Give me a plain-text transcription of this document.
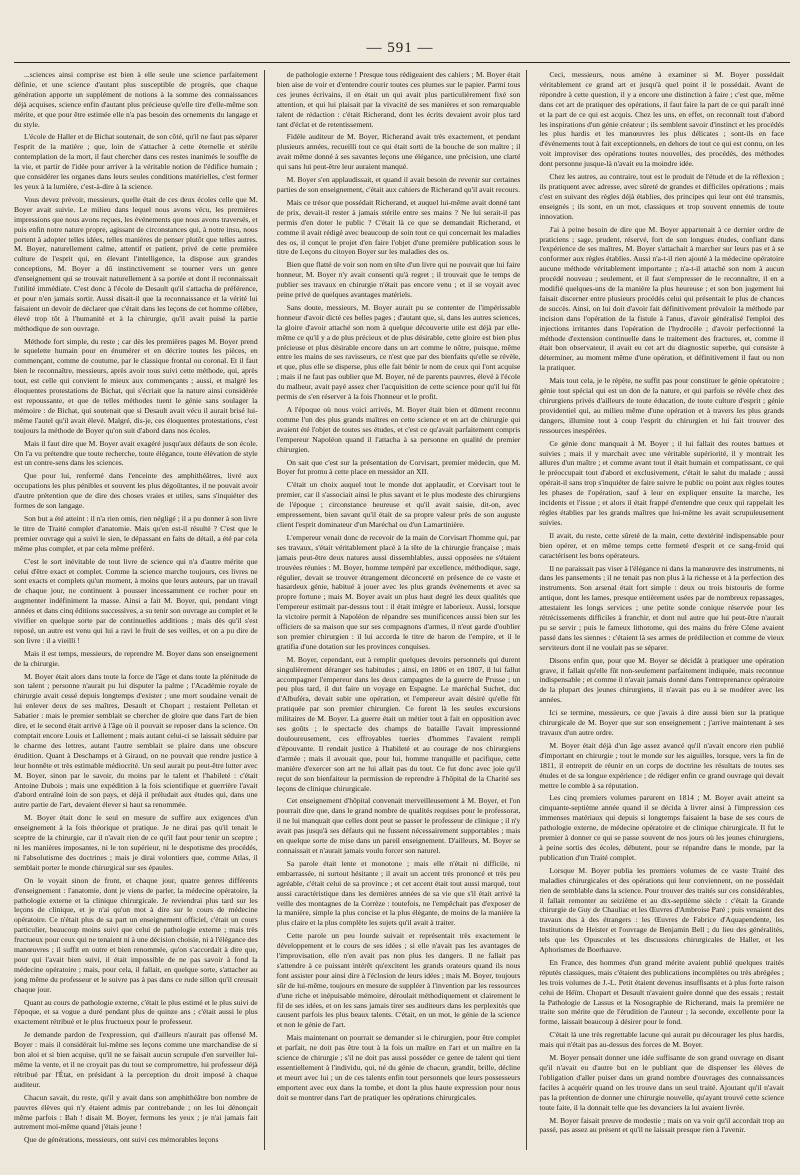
— 591 —

...sciences ainsi comprise est bien à elle seule une science parfaitement définie, et une science d'autant plus susceptible de progrès, que chaque génération apporte un supplément de notions à la somme des connaissances déjà acquises, science enfin d'autant plus précieuse qu'elle tire d'elle-même son mérite, et que pour être estimée elle n'a pas besoin des ornements du langage et du style.

L'école de Haller et de Bichat soutenait, de son côté, qu'il ne faut pas séparer l'esprit de la matière ; que, loin de s'attacher à cette éternelle et stérile contemplation de la mort, il faut chercher dans ces restes inanimés le souffle de la vie, et partir de l'idée pour arriver à la véritable notion de l'édifice humain ; que considérer les organes dans leurs seules conditions matérielles, c'est fermer les yeux à la lumière, c'est-à-dire à la science.

Vous devez prévoir, messieurs, quelle était de ces deux écoles celle que M. Boyer avait suivie. Le milieu dans lequel nous avons vécu, les premières impressions que nous avons reçues, les événements que nous avons traversés, et puis enfin notre nature propre, agissant de circonstances qui, à notre insu, nous portent à adopter telles idées, telles manières de penser plutôt que telles autres. M. Boyer, naturellement calme, attentif et patient, privé de cette première culture de l'esprit qui, en élevant l'intelligence, la dispose aux grandes conceptions, M. Boyer a dû instinctivement se tourner vers un genre d'enseignement qui se trouvait naturellement à sa portée et dont il reconnaissait l'utilité immédiate. C'est donc à l'école de Desault qu'il s'attacha de préférence, et pour n'en jamais sortir. Aussi disait-il que la reconnaissance et la vérité lui faisaient un devoir de déclarer que c'était dans les leçons de cet homme célèbre, élevé trop tôt à l'humanité et à la chirurgie, qu'il avait puisé la partie méthodique de son ouvrage.

Méthode fort simple, du reste ; car dès les premières pages M. Boyer prend le squelette humain pour en énumérer et en décrire toutes les pièces, en commençant, comme de coutume, par le classique frontal ou coronal. Et il faut bien le reconnaître, messieurs, après avoir tous suivi cette méthode, qui, après tout, est celle qui convient le mieux aux commençants ; aussi, et malgré les éloquentes protestations de Bichat, qui s'écriait que la nature ainsi considérée est repoussante, et que de telles méthodes tuent le génie sans soulager la mémoire : de Bichat, qui soutenait que si Desault avait vécu il aurait brisé lui-même l'autel qu'il avait élevé. Malgré, dis-je, ces éloquentes protestations, c'est toujours la méthode de Boyer qu'on suit d'abord dans nos écoles.

Mais il faut dire que M. Boyer avait exagéré jusqu'aux défauts de son école. On l'a vu prétendre que toute recherche, toute élégance, toute élévation de style est un contre-sens dans les sciences.

Que pour lui, renfermé dans l'enceinte des amphithéâtres, livré aux occupations les plus pénibles et souvent les plus dégoûtantes, il ne pouvait avoir d'autre prétention que de dire des choses vraies et utiles, sans s'inquiéter des formes de son langage.

Son but a été atteint : il n'a rien omis, rien négligé ; il a pu donner à son livre le titre de Traité complet d'anatomie. Mais qu'en est-il résulté ? C'est que le premier ouvrage qui a suivi le sien, le dépassant en faits de détail, a été par cela même plus complet, et par cela même préféré.

C'est le sort inévitable de tout livre de science qui n'a d'autre mérite que celui d'être exact et complet. Comme la science marche toujours, ces livres ne sont exacts et complets qu'un moment, à moins que leurs auteurs, par un travail de chaque jour, ne continuent à pousser incessamment ce rocher pour en augmenter indéfiniment la masse. Ainsi a fait M. Boyer, qui, pendant vingt années et dans cinq éditions successives, a su tenir son ouvrage au complet et le vivifier en quelque sorte par de continuelles additions ; mais dès qu'il s'est reposé, un autre est venu qui lui a ravi le fruit de ses veilles, et on a pu dire de son livre : il a vieilli !

Mais il est temps, messieurs, de reprendre M. Boyer dans son enseignement de la chirurgie.

M. Boyer était alors dans toute la force de l'âge et dans toute la plénitude de son talent ; personne n'aurait pu lui disputer la palme ; l'Académie royale de chirurgie avait cessé depuis longtemps d'exister ; une mort soudaine venait de lui enlever deux de ses maîtres, Desault et Chopart ; restaient Pelletan et Sabatier : mais le premier semblait se chercher de gloire que dans l'art de bien dire, et le second était arrivé à l'âge où il pouvait se reposer dans la science. On comptait encore Louis et Lallement ; mais autant celui-ci se laissait séduire par le charme des lettres, autant l'autre semblait se plaire dans une obscure érudition. Quant à Deschamps et à Giraud, on ne pouvait que rendre justice à leur honnête et très estimable médiocrité. Un seul aurait pu peut-être lutter avec M. Boyer, sinon par le savoir, du moins par le talent et l'habileté : c'était Antoine Dubois ; mais une expédition à la fois scientifique et guerrière l'avait d'abord entraîné loin de son pays, et déjà il préludait aux études qui, dans une autre partie de l'art, devaient élever si haut sa renommée.

M. Boyer était donc le seul en mesure de suffire aux exigences d'un enseignement à la fois théorique et pratique. Je ne dirai pas qu'il tenait le sceptre de la chirurgie, car il n'avait rien de ce qu'il faut pour tenir un sceptre ; ni les manières imposantes, ni le ton supérieur, ni le despotisme des procédés, ni l'absolutisme des doctrines ; mais je dirai volontiers que, comme Atlas, il semblait porter le monde chirurgical sur ses épaules.

On le voyait sinon de front, et chaque jour, quatre genres différents d'enseignement : l'anatomie, dont je viens de parler, la médecine opératoire, la pathologie externe et la clinique chirurgicale. Je reviendrai plus tard sur les leçons de clinique, et je n'ai qu'un mot à dire sur le cours de médecine opératoire. Ce n'était plus de sa part un enseignement officiel, c'était un cours particulier, beaucoup moins suivi que celui de pathologie externe ; mais très fructueux pour ceux qui ne tenaient ni à une décision choisie, ni à l'élégance des manœuvres ; il suffit en outre et bien renommée, qu'on s'accordait à dire que, pour qui l'avait bien suivi, il était impossible de ne pas savoir à fond la médecine opératoire ; mais, pour cela, il fallait, en quelque sorte, s'attacher au jong même du professeur et le suivre pas à pas dans ce rude sillon qu'il creusait chaque jour.

Quant au cours de pathologie externe, c'était le plus estimé et le plus suivi de l'époque, et sa vogue a duré pendant plus de quinze ans ; c'était aussi le plus exactement rétribué et le plus fructueux pour le professeur.

Je demande pardon de l'expression, qui d'ailleurs n'aurait pas offensé M. Boyer : mais il considérait lui-même ses leçons comme une marchandise de si bon aloi et si bien acquise, qu'il ne se faisait aucun scrupule d'en surveiller lui-même la vente, et il ne croyait pas du tout se compromettre, lui professeur déjà rétribué par l'État, en présidant à la perception du droit imposé à chaque auditeur.

Chacun savait, du reste, qu'il y avait dans son amphithéâtre bon nombre de pauvres élèves qui n'y étaient admis par contrebande ; on les lui dénonçait même parfois : Bah ! disait M. Boyer, fermons les yeux ; je n'ai jamais fait autrement moi-même quand j'étais jeune !

Que de générations, messieurs, ont suivi ces mémorables leçons

de pathologie externe ! Presque tous rédigeaient des cahiers ; M. Boyer était bien aise de voir et d'entendre courir toutes ces plumes sur le papier. Parmi tous ces jeunes écrivains, il en était un qui avait plus particulièrement fixé son attention, et qui lui plaisait par la vivacité de ses manières et son remarquable talent de rédaction : c'était Richerand, dont les écrits devaient avoir plus tard tant d'éclat et de retentissement.

Fidèle auditeur de M. Boyer, Richerand avait très exactement, et pendant plusieurs années, recueilli tout ce qui était sorti de la bouche de son maître ; il avait même donné à ses savantes leçons une élégance, une précision, une clarté qui sans lui peut-être leur auraient manqué.

M. Boyer s'en applaudissait, et quand il avait besoin de revenir sur certaines parties de son enseignement, c'était aux cahiers de Richerand qu'il avait recours.

Mais ce trésor que possédait Richerand, et auquel lui-même avait donné tant de prix, devait-il rester à jamais stérile entre ses mains ? Ne lui serait-il pas permis d'en doter le public ? C'était là ce que se demandait Richerand, et comme il avait rédigé avec beaucoup de soin tout ce qui concernait les maladies des os, il conçut le projet d'en faire l'objet d'une première publication sous le titre de Leçons du citoyen Boyer sur les maladies des os.

Bien que flatté de voir son nom en tête d'un livre qui ne pouvait que lui faire honneur, M. Boyer n'y avait consenti qu'à regret ; il trouvait que le temps de publier ses travaux en chirurgie n'était pas encore venu ; et il se voyait avec peine privé de quelques avantages matériels.

Sans doute, messieurs, M. Boyer aurait pu se contenter de l'impérissable honneur d'avoir dicté ces belles pages ; d'autant que, si, dans les autres sciences, la gloire d'avoir attaché son nom à quelque découverte utile est déjà par elle-même ce qu'il y a de plus précieux et de plus désirable, cette gloire est bien plus précieuse et plus désirable encore dans un art comme le nôtre, puisque, même entre les mains de ses ravisseurs, ce n'est que par des bienfaits qu'elle se révèle, et que, plus elle se disperse, plus elle fait bénir le nom de ceux qui l'ont acquise ; mais il ne faut pas oublier que M. Boyer, né de parents pauvres, élevé à l'école du malheur, avait payé assez cher l'acquisition de cette science pour qu'il lui fût permis de s'en réserver à la fois l'honneur et le profit.

A l'époque où nous voici arrivés, M. Boyer était bien et dûment reconnu comme l'un des plus grands maîtres en cette science et en art de chirurgie qui avaient été l'objet de toutes ses études, et c'est ce qu'avait parfaitement compris l'empereur Napoléon quand il l'attacha à sa personne en qualité de premier chirurgien.

On sait que c'est sur la présentation de Corvisart, premier médecin, que M. Boyer fut promu à cette place en messidor an XII.

C'était un choix auquel tout le monde dut applaudir, et Corvisart tout le premier, car il s'associait ainsi le plus savant et le plus modeste des chirurgiens de l'époque ; circonstance heureuse et qu'il avait saisie, dit-on, avec empressement, bien savant qu'il était de sa propre valeur près de son auguste client l'esprit dominateur d'un Maréchal ou d'un Lamartinière.

L'empereur venait donc de recevoir de la main de Corvisart l'homme qui, par ses travaux, s'était véritablement placé à la tête de la chirurgie française ; mais jamais peut-être deux natures aussi dissemblables, aussi opposées ne s'étaient trouvées réunies : M. Boyer, homme tempéré par excellence, méthodique, sage, régulier, devait se trouver étrangement déconcerté en présence de ce vaste et hasardeux génie, habitué à jouer avec les plus grands événements et avec sa propre fortune ; mais M. Boyer avait un plus haut degré les deux qualités que l'empereur estimait par-dessus tout : il était intègre et laborieux. Aussi, lorsque la victoire permit à Napoléon de répandre ses munificences aussi bien sur les officiers de sa maison que sur ses compagnons d'armes, il n'eut garde d'oublier son premier chirurgien : il lui accorda le titre de baron de l'empire, et il le gratifia d'une dotation sur les provinces conquises.

M. Boyer, cependant, eut à remplir quelques devoirs personnels qui durent singulièrement déranger ses habitudes ; ainsi, en 1806 et en 1807, il lui fallut accompagner l'empereur dans les deux campagnes de la guerre de Prusse ; un peu plus tard, il dut faire un voyage en Espagne. Le maréchal Suchet, duc d'Albuféra, devait subir une opération, et l'empereur avait désiré qu'elle fût pratiquée par son premier chirurgien. Ce furent là les seules excursions militaires de M. Boyer. La guerre était un métier tout à fait en opposition avec ses goûts ; le spectacle des champs de bataille l'avait impressionné douloureusement, ces effroyables tueries d'hommes l'avaient rempli d'épouvante. Il rendait justice à l'habileté et au courage de nos chirurgiens d'armée ; mais il avouait que, pour lui, homme tranquille et pacifique, cette manière d'exercer son art ne lui allait pas du tout. Ce fut donc avec joie qu'il reçut de son bienfaiteur la permission de reprendre à l'hôpital de la Charité ses leçons de clinique chirurgicale.

Cet enseignement d'hôpital convenait merveilleusement à M. Boyer, et l'on pourrait dire que, dans le grand nombre de qualités requises pour le professorat, il ne lui manquait que celles dont peut se passer le professeur de clinique ; il n'y avait pas jusqu'à ses défauts qui ne fussent nécessairement supportables ; mais en quelque sorte de mise dans un pareil enseignement. D'ailleurs, M. Boyer se connaissait et n'aurait jamais voulu forcer son naturel.

Sa parole était lente et monotone ; mais elle n'était ni difficile, ni embarrassée, ni surtout hésitante ; il avait un accent très prononcé et très peu agréable, c'était celui de sa province ; et cet accent était tout aussi marqué, tout aussi caractéristique dans les dernières années de sa vie que s'il était arrivé la veille des montagnes de la Corrèze : toutefois, ne l'empêchait pas d'exposer de la manière, simple la plus concise et la plus élégante, de moins de la manière la plus claire et la plus complète les sujets qu'il avait à traiter.

Cette parole un peu lourde suivait et représentait très exactement le développement et le cours de ses idées ; si elle n'avait pas les avantages de l'improvisation, elle n'en avait pas non plus les dangers. Il ne fallait pas s'attendre à ce puissant intérêt qu'excitent les grands orateurs quand ils nous font assister pour ainsi dire à l'éclosion de leurs idées ; mais M. Boyer, toujours sûr de lui-même, toujours en mesure de suppléer à l'invention par les ressources d'une riche et inépuisable mémoire, déroulait méthodiquement et clairement le fil de ses idées, et on les sans jamais tirer ses auditeurs dans les perplexités que causent parfois les plus beaux talents. C'était, en un mot, le génie de la science et non le génie de l'art.

Mais maintenant on pourrait se demander si le chirurgien, pour être complet et parfait, ne doit pas être tout à la fois un maître en l'art et un maître en la science de chirurgie ; s'il ne doit pas aussi posséder ce genre de talent qui tient essentiellement à l'individu, qui, né du génie de chacun, grandit, brille, décline et meurt avec lui ; un de ces talents enfin tout personnels que leurs possesseurs emportent avec eux dans la tombe, et dont la plus haute expression pour nous doit se montrer dans l'art de pratiquer les opérations chirurgicales.

Ceci, messieurs, nous amène à examiner si M. Boyer possédait véritablement ce grand art et jusqu'à quel point il le possédait. Avant de répondre à cette question, il y a encore une distinction à faire ; c'est que, même dans cet art de pratiquer des opérations, il faut faire la part de ce qui paraît inné et la part de ce qui est acquis. Chez les uns, en effet, on reconnaît tout d'abord les inspirations d'un génie créateur ; ils semblent savoir d'instinct et les procédés les plus hardis et les manœuvres les plus délicates ; sont-ils en face d'événements tout à fait exceptionnels, en dehors de tout ce qui est connu, on les voit improviser des opérations toutes nouvelles, des procédés, des méthodes dont personne jusque-là n'avait eu la moindre idée.

Chez les autres, au contraire, tout est le produit de l'étude et de la réflexion ; ils pratiquent avec adresse, avec sûreté de grandes et difficiles opérations ; mais c'est en suivant des règles déjà établies, des principes qui leur ont été transmis, enseignés ; ils sont, en un mot, classiques et trop souvent ennemis de toute innovation.

J'ai à peine besoin de dire que M. Boyer appartenait à ce dernier ordre de praticiens ; sage, prudent, réservé, fort de son longues études, confiant dans l'expérience de ses maîtres, M. Boyer s'attachait à marcher sur leurs pas et à se conformer aux règles établies. Aussi n'a-t-il rien ajouté à la médecine opératoire aucune méthode véritablement importante ; n'a-t-il attaché son nom à aucun procédé nouveau ; seulement, et il faut s'empresser de le reconnaître, il en a modifié quelques-uns de la manière la plus heureuse ; et son bon jugement lui faisait discerner entre plusieurs procédés celui qui présentait le plus de chances de succès. Ainsi, on lui doit d'avoir fait définitivement prévaloir la méthode par incision dans l'opération de la fistule à l'anus, d'avoir généralisé l'emploi des injections irritantes dans l'opération de l'hydrocèle ; d'avoir perfectionné la méthode d'extension continuelle dans le traitement des fractures, et, comme il était bon observateur, il avait eu cet art du diagnostic superbe, qui consiste à déterminer, au moment même d'une opération, et définitivement il faut ou non la pratiquer.

Mais tout cela, je le répète, ne suffit pas pour constituer le génie opératoire ; génie tout spécial qui est un don de la nature, et qui parfois se révèle chez des chirurgiens privés d'ailleurs de toute éducation, de toute culture d'esprit ; génie providentiel qui, au milieu même d'une opération et à travers les plus grands dangers, illumine tout à coup l'esprit du chirurgien et lui fait trouver des ressources inespérées.

Ce génie donc manquait à M. Boyer ; il lui fallait des routes battues et suivies ; mais il y marchait avec une véritable supériorité, il y montrait les allures d'un maître ; et comme avant tout il était humain et compatissant, ce qui le préoccupait tout d'abord et exclusivement, c'était le salut du malade ; aussi opérait-il sans trop s'inquiéter de faire suivre le public ou point aux règles toutes les phases de l'opération, sauf à leur en expliquer ensuite la marche, les incidents et l'issue ; et alors il était frappé d'entendre que ceux qui rappelait les règles établies par les grands maîtres que lui-même les avait scrupuleusement suivies.

Il avait, du reste, cette sûreté de la main, cette dextérité indispensable pour bien opérer, et en même temps cette fermeté d'esprit et ce sang-froid qui caractérisent les bons opérateurs.

Il ne paraissait pas viser à l'élégance ni dans la manœuvre des instruments, ni dans les pansements ; il ne tenait pas non plus à la richesse et à la perfection des instruments. Son arsenal était fort simple : deux ou trois bistouris de forme antique, dont les lames, presque entièrement usées par de nombreux repassages, attestaient les longs services ; une petite sonde conique réservée pour les rétrécissements difficiles à franchir, et dont nul autre que lui peut-être n'aurait pu se servir ; puis le fameux lithotome, qui des mains du frère Côme avaient passé dans les siennes : c'étaient là ses armes de prédilection et comme de vieux serviteurs dont il ne voulait pas se séparer.

Disons enfin que, pour que M. Boyer se décidât à pratiquer une opération grave, il fallait qu'elle fût non-seulement parfaitement indiquée, mais reconnue indispensable ; et comme il n'avait jamais donné dans l'entreprenance opératoire de la plupart des jeunes chirurgiens, il n'avait pas eu à se modérer avec les années.

Ici se termine, messieurs, ce que j'avais à dire aussi bien sur la pratique chirurgicale de M. Boyer que sur son enseignement ; j'arrive maintenant à ses travaux d'un autre ordre.

M. Boyer était déjà d'un âge assez avancé qu'il n'avait encore rien publié d'important en chirurgie ; tout le monde sur les aiguilles, lorsque, vers la fin de 1811, il entreprit de réunir en un corps de doctrine les résultats de toutes ses études et de sa longue expérience ; de rédiger enfin ce grand ouvrage qui devait mettre le comble à sa réputation.

Les cinq premiers volumes parurent en 1814 ; M. Boyer avait atteint sa cinquante-septième année quand il se décida à livrer ainsi à l'impression ces immenses matériaux qui depuis si longtemps faisaient la base de ses cours de pathologie externe, de médecine opératoire et de clinique chirurgicale. Il fut le premier à donner ce qui se passe souvent de nos jours où les jeunes chirurgiens, à peine sortis des écoles, débutent, pour se répandre dans le monde, par la publication d'un Traité complet.

Lorsque M. Boyer publia les premiers volumes de ce vaste Traité des maladies chirurgicales et des opérations qui leur conviennent, on ne possédait rien de semblable dans la science. Pour trouver des traités sur ces considérables, il fallait remonter au seizième et au dix-septième siècle : c'était la Grande chirurgie de Guy de Chauliac et les Œuvres d'Ambroise Paré ; puis venaient des travaux dus à des étrangers : les Œuvres de Fabrice d'Aquapendente, les Institutions de Heister et l'ouvrage de Benjamin Bell ; du lieu des généralités, tels que les Opuscules et les discussions chirurgicales de Haller, et les Aphorismes de Boerhaave.

En France, des hommes d'un grand mérite avaient publié quelques traités réputés classiques, mais c'étaient des publications incomplètes ou très abrégées ; les trois volumes de J.-L. Petit étaient devenus insuffisants et à plus forte raison celui de Héïm. Chopart et Desault n'avaient guère donné que des essais ; restait la Pathologie de Lassus et la Nosographie de Richerand, mais la première ne traite son mérite que de l'érudition de l'auteur ; la seconde, excellente pour la forme, laissait beaucoup à désirer pour le fond.

C'était là une très regrettable lacune qui aurait pu décourager les plus hardis, mais qui n'était pas au-dessus des forces de M. Boyer.

M. Boyer pensait donner une idée suffisante de son grand ouvrage en disant qu'il n'avait eu d'autre but en le publiant que de dispenser les élèves de l'obligation d'aller puiser dans un grand nombre d'ouvrages des connaissances faciles à acquérir quand on les trouve dans un seul traité. Ajoutant qu'il n'avait pas la prétention de donner une chirurgie nouvelle, qu'ayant trouvé cette science toute faite, il la donnait telle que les devanciers la lui avaient livrée.

M. Boyer faisait preuve de modestie ; mais on va voir qu'il accordait trop au passé, pas assez au présent et qu'il ne laissait presque rien à l'avenir.
